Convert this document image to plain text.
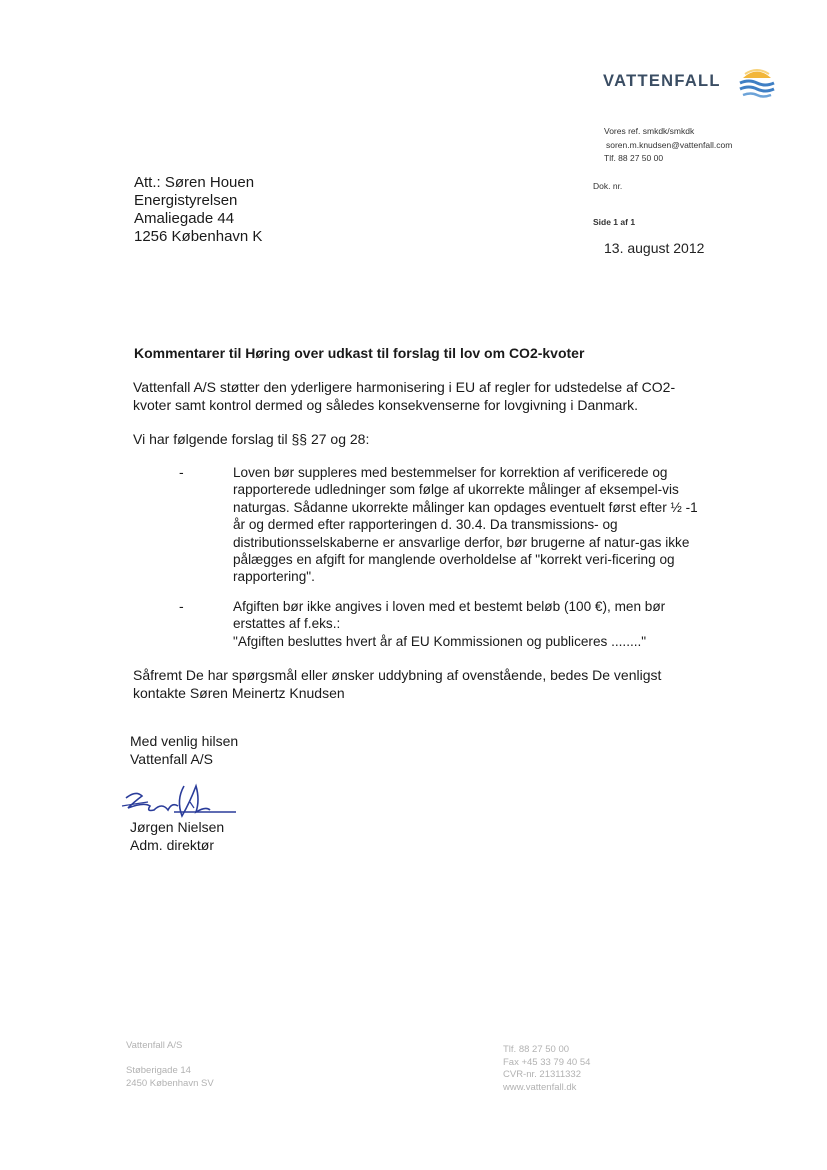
VATTENFALL
Vores ref. smkdk/smkdk
soren.m.knudsen@vattenfall.com
Tlf. 88 27 50 00
Dok. nr.
Side 1 af 1
13. august 2012
Att.: Søren Houen
Energistyrelsen
Amaliegade 44
1256 København K
Kommentarer til Høring over udkast til forslag til lov om CO2-kvoter
Vattenfall A/S støtter den yderligere harmonisering i EU af regler for udstedelse af CO2-kvoter samt kontrol dermed og således konsekvenserne for lovgivning i Danmark.
Vi har følgende forslag til §§ 27 og 28:
-	Loven bør suppleres med bestemmelser for korrektion af verificerede og rapporterede udledninger som følge af ukorrekte målinger af eksempel-vis naturgas. Sådanne ukorrekte målinger kan opdages eventuelt først efter ½ -1 år og dermed efter rapporteringen d. 30.4. Da transmissions- og distributionsselskaberne er ansvarlige derfor, bør brugerne af natur-gas ikke pålægges en afgift for manglende overholdelse af "korrekt veri-ficering og rapportering".
-	Afgiften bør ikke angives i loven med et bestemt beløb (100 €), men bør erstattes af f.eks.:
"Afgiften besluttes hvert år af EU Kommissionen og publiceres ........"
Såfremt De har spørgsmål eller ønsker uddybning af ovenstående, bedes De venligst kontakte Søren Meinertz Knudsen
Med venlig hilsen
Vattenfall A/S
Jørgen Nielsen
Adm. direktør
Vattenfall A/S
Støberigade 14
2450 København SV
Tlf. 88 27 50 00
Fax +45 33 79 40 54
CVR-nr. 21311332
www.vattenfall.dk
